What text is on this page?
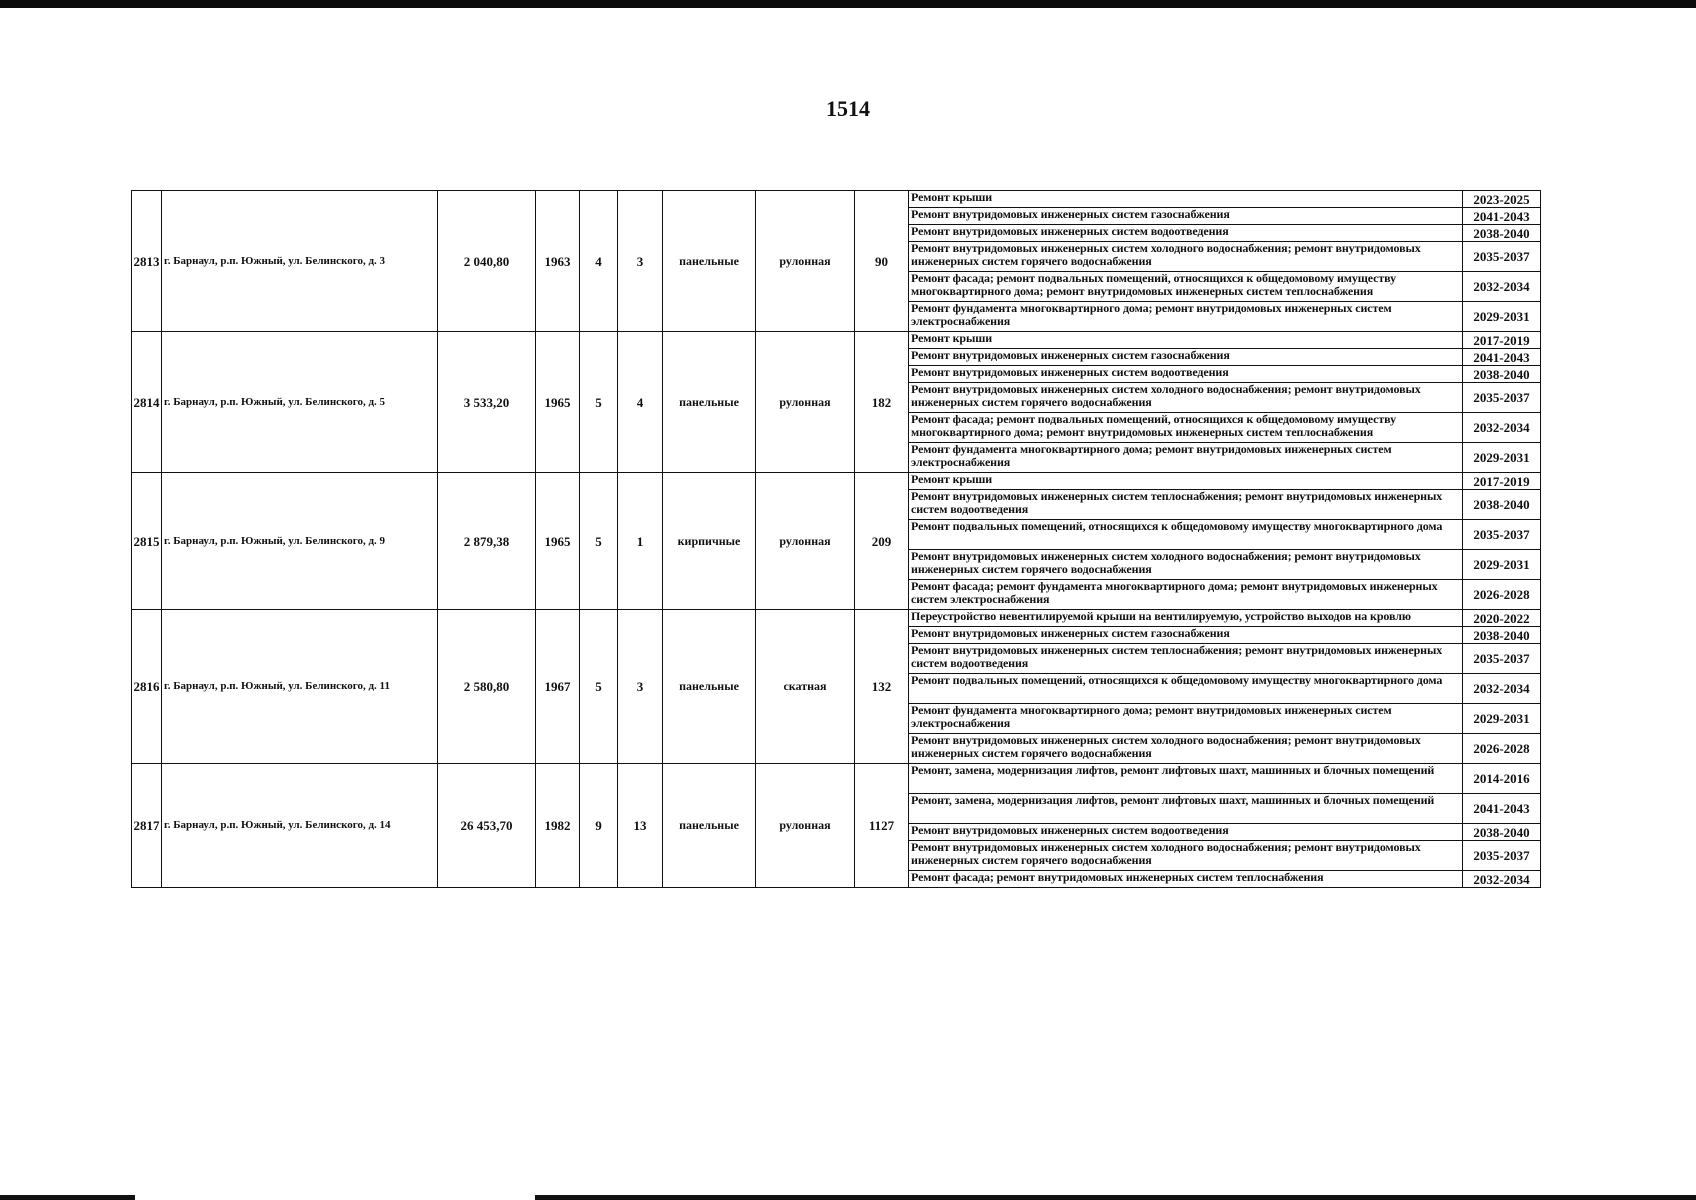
1514
2813	г. Барнаул, р.п. Южный, ул. Белинского, д. 3	2 040,80	1963	4	3	панельные	рулонная	90	Ремонт крыши	2023-2025
									Ремонт внутридомовых инженерных систем газоснабжения	2041-2043
									Ремонт внутридомовых инженерных систем водоотведения	2038-2040
									Ремонт внутридомовых инженерных систем холодного водоснабжения; ремонт внутридомовых инженерных систем горячего водоснабжения	2035-2037
									Ремонт фасада; ремонт подвальных помещений, относящихся к общедомовому имуществу многоквартирного дома; ремонт внутридомовых инженерных систем теплоснабжения	2032-2034
									Ремонт фундамента многоквартирного дома; ремонт внутридомовых инженерных систем электроснабжения	2029-2031
2814	г. Барнаул, р.п. Южный, ул. Белинского, д. 5	3 533,20	1965	5	4	панельные	рулонная	182	Ремонт крыши	2017-2019
									Ремонт внутридомовых инженерных систем газоснабжения	2041-2043
									Ремонт внутридомовых инженерных систем водоотведения	2038-2040
									Ремонт внутридомовых инженерных систем холодного водоснабжения; ремонт внутридомовых инженерных систем горячего водоснабжения	2035-2037
									Ремонт фасада; ремонт подвальных помещений, относящихся к общедомовому имуществу многоквартирного дома; ремонт внутридомовых инженерных систем теплоснабжения	2032-2034
									Ремонт фундамента многоквартирного дома; ремонт внутридомовых инженерных систем электроснабжения	2029-2031
2815	г. Барнаул, р.п. Южный, ул. Белинского, д. 9	2 879,38	1965	5	1	кирпичные	рулонная	209	Ремонт крыши	2017-2019
									Ремонт внутридомовых инженерных систем теплоснабжения; ремонт внутридомовых инженерных систем водоотведения	2038-2040
									Ремонт подвальных помещений, относящихся к общедомовому имуществу многоквартирного дома	2035-2037
									Ремонт внутридомовых инженерных систем холодного водоснабжения; ремонт внутридомовых инженерных систем горячего водоснабжения	2029-2031
									Ремонт фасада; ремонт фундамента многоквартирного дома; ремонт внутридомовых инженерных систем электроснабжения	2026-2028
2816	г. Барнаул, р.п. Южный, ул. Белинского, д. 11	2 580,80	1967	5	3	панельные	скатная	132	Переустройство невентилируемой крыши на вентилируемую, устройство выходов на кровлю	2020-2022
									Ремонт внутридомовых инженерных систем газоснабжения	2038-2040
									Ремонт внутридомовых инженерных систем теплоснабжения; ремонт внутридомовых инженерных систем водоотведения	2035-2037
									Ремонт подвальных помещений, относящихся к общедомовому имуществу многоквартирного дома	2032-2034
									Ремонт фундамента многоквартирного дома; ремонт внутридомовых инженерных систем электроснабжения	2029-2031
									Ремонт внутридомовых инженерных систем холодного водоснабжения; ремонт внутридомовых инженерных систем горячего водоснабжения	2026-2028
2817	г. Барнаул, р.п. Южный, ул. Белинского, д. 14	26 453,70	1982	9	13	панельные	рулонная	1127	Ремонт, замена, модернизация лифтов, ремонт лифтовых шахт, машинных и блочных помещений	2014-2016
									Ремонт, замена, модернизация лифтов, ремонт лифтовых шахт, машинных и блочных помещений	2041-2043
									Ремонт внутридомовых инженерных систем водоотведения	2038-2040
									Ремонт внутридомовых инженерных систем холодного водоснабжения; ремонт внутридомовых инженерных систем горячего водоснабжения	2035-2037
									Ремонт фасада; ремонт внутридомовых инженерных систем теплоснабжения	2032-2034
